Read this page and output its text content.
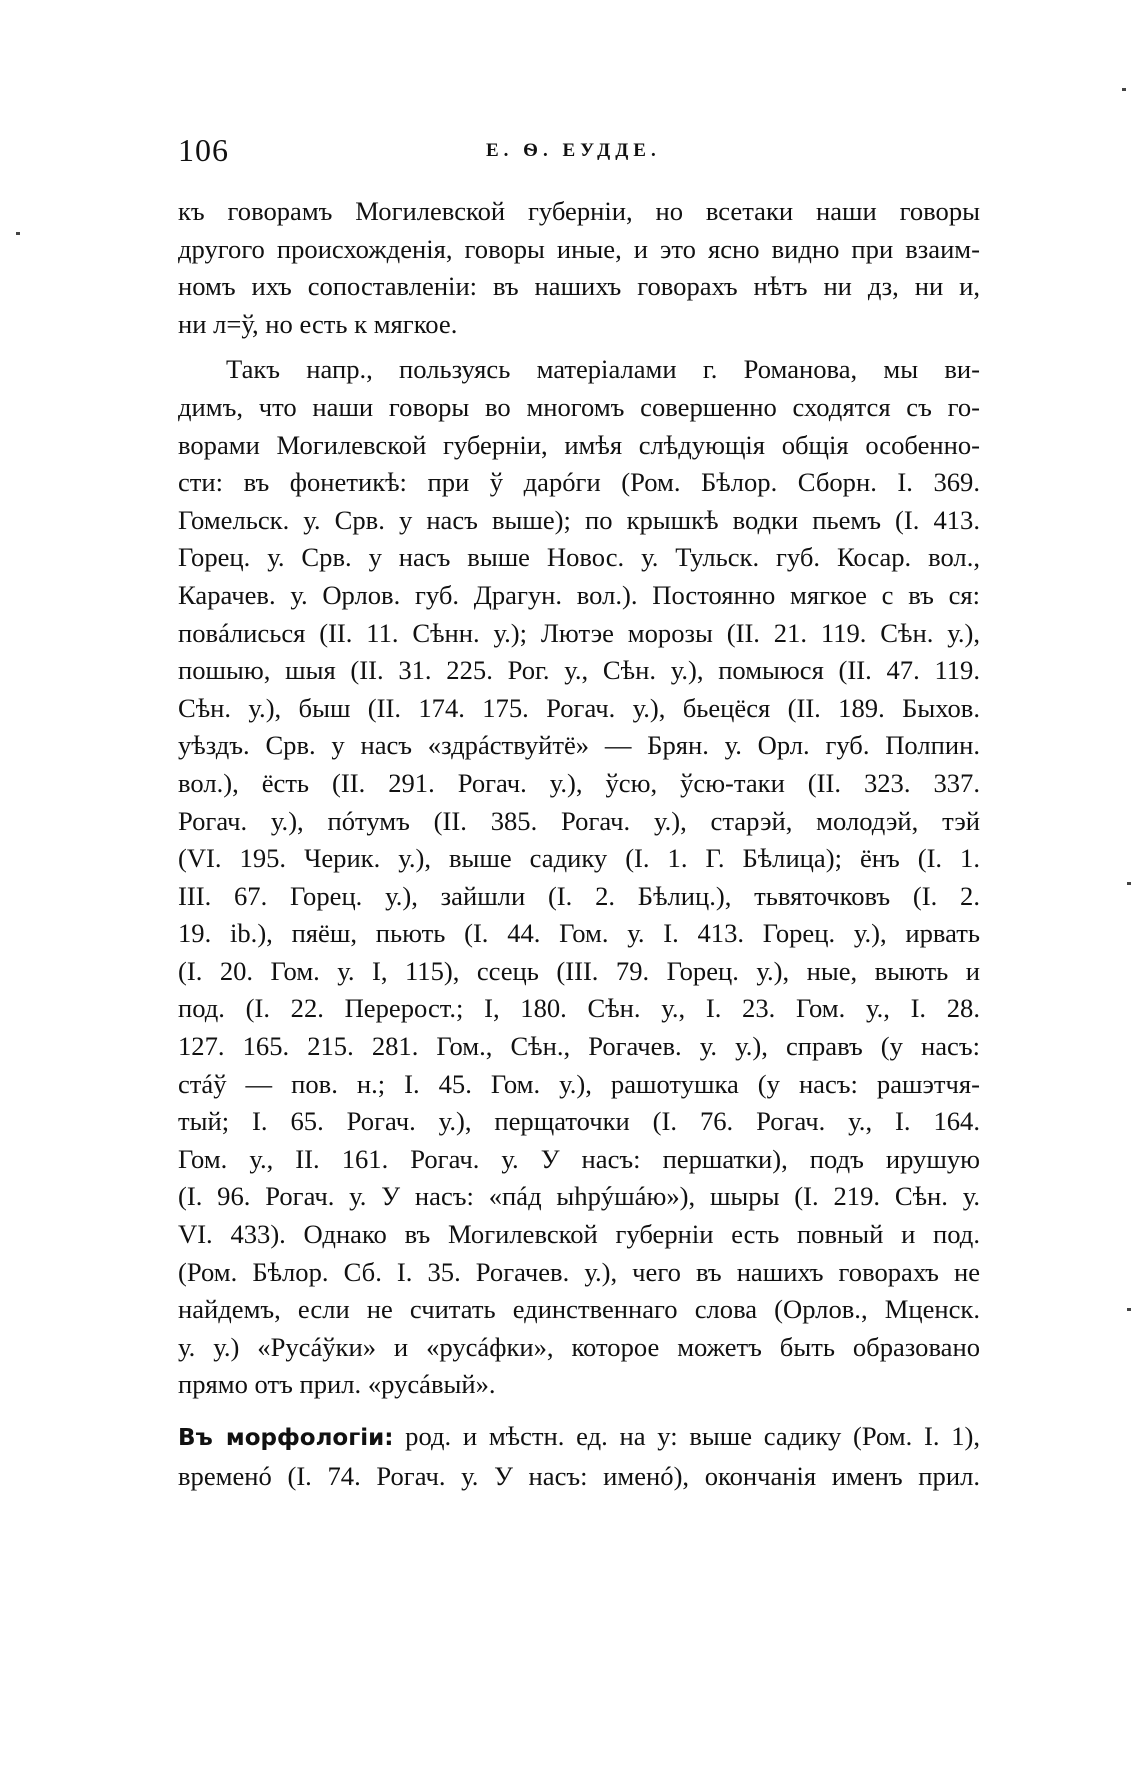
106	Е. Ѳ. ЕУДДЕ.

къ говорамъ Могилевской губерніи, но всетаки наши говоры
другого происхожденія, говоры иные, и это ясно видно при взаим-
номъ ихъ сопоставленіи: въ нашихъ говорахъ нѣтъ ни дз, ни и,
ни л=ў, но есть к мягкое.

Такъ напр., пользуясь матеріалами г. Романова, мы ви-
димъ, что наши говоры во многомъ совершенно сходятся съ го-
ворами Могилевской губерніи, имѣя слѣдующія общія особенно-
сти: въ фонетикѣ: при ў дарóги (Ром. Бѣлор. Сборн. I. 369.
Гомельск. у. Срв. у насъ выше); по крышкѣ водки пьемъ (I. 413.
Горец. у. Срв. у насъ выше Новос. у. Тульск. губ. Косар. вол.,
Карачев. у. Орлов. губ. Драгун. вол.). Постоянно мягкое с въ ся:
повáлисься (II. 11. Сѣнн. у.); Лютэе морозы (II. 21. 119. Сѣн. у.),
пошыю, шыя (II. 31. 225. Рог. у., Сѣн. у.), помыюся (II. 47. 119.
Сѣн. у.), быш (II. 174. 175. Рогач. у.), бьецёся (II. 189. Быхов.
уѣздъ. Срв. у насъ «здрáствуйтё» — Брян. у. Орл. губ. Полпин.
вол.), ёсть (II. 291. Рогач. у.), ўсю, ўсю-таки (II. 323. 337.
Рогач. у.), пóтумъ (II. 385. Рогач. у.), старэй, молодэй, тэй
(VI. 195. Черик. у.), выше садику (I. 1. Г. Бѣлица); ёнъ (I. 1.
III. 67. Горец. у.), зайшли (I. 2. Бѣлиц.), тьвяточковъ (I. 2.
19. ib.), пяёш, пьють (I. 44. Гом. у. I. 413. Горец. у.), ирвать
(I. 20. Гом. у. I, 115), ссець (III. 79. Горец. у.), ные, выють и
под. (I. 22. Перерост.; I, 180. Сѣн. у., I. 23. Гом. у., I. 28.
127. 165. 215. 281. Гом., Сѣн., Рогачев. у. у.), справъ (у насъ:
стáў — пов. н.; I. 45. Гом. у.), рашотушка (у насъ: рашэтчя-
тый; I. 65. Рогач. у.), перщаточки (I. 76. Рогач. у., I. 164.
Гом. у., II. 161. Рогач. у. У насъ: першатки), подъ ирушую
(I. 96. Рогач. у. У насъ: «пáд ыhрýшáю»), шыры (I. 219. Сѣн. у.
VI. 433). Однако въ Могилевской губерніи есть повный и под.
(Ром. Бѣлор. Сб. I. 35. Рогачев. у.), чего въ нашихъ говорахъ не
найдемъ, если не считать единственнаго слова (Орлов., Мценск.
у. у.) «Русáўки» и «русáфки», которое можетъ быть образовано
прямо отъ прил. «русáвый».

Въ морфологіи: род. и мѣстн. ед. на у: выше садику (Ром. I. 1),
временó (I. 74. Рогач. у. У насъ: именó), окончанія именъ прил.
